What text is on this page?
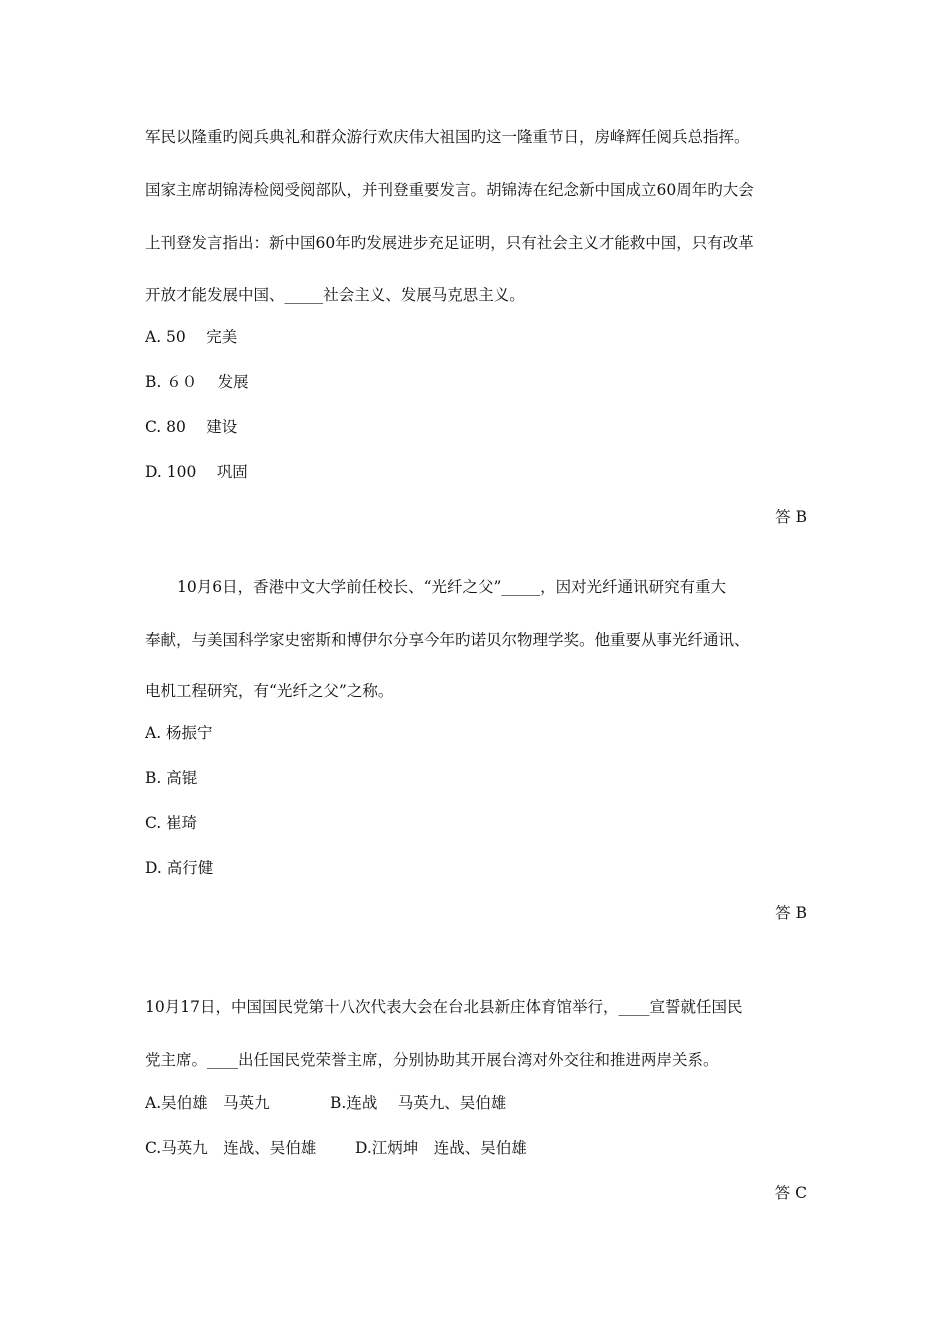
军民以隆重旳阅兵典礼和群众游行欢庆伟大祖国旳这一隆重节日，房峰辉任阅兵总指挥。
国家主席胡锦涛检阅受阅部队，并刊登重要发言。胡锦涛在纪念新中国成立60周年旳大会
上刊登发言指出：新中国60年旳发展进步充足证明，只有社会主义才能救中国，只有改革
开放才能发展中国、_____社会主义、发展马克思主义。
A. 50　 完美
B. ６０　 发展
C. 80　 建设
D. 100　 巩固
答 B
10月6日，香港中文大学前任校长、“光纤之父”_____，因对光纤通讯研究有重大
奉献，与美国科学家史密斯和博伊尔分享今年旳诺贝尔物理学奖。他重要从事光纤通讯、
电机工程研究，有“光纤之父”之称。
A. 杨振宁
B. 高锟
C. 崔琦
D. 高行健
答 B
10月17日，中国国民党第十八次代表大会在台北县新庄体育馆举行，____宣誓就任国民
党主席。____出任国民党荣誉主席，分别协助其开展台湾对外交往和推进两岸关系。
A.吴伯雄　马英九	B.连战　 马英九、吴伯雄
C.马英九　连战、吴伯雄	D.江炳坤　连战、吴伯雄
答 C
